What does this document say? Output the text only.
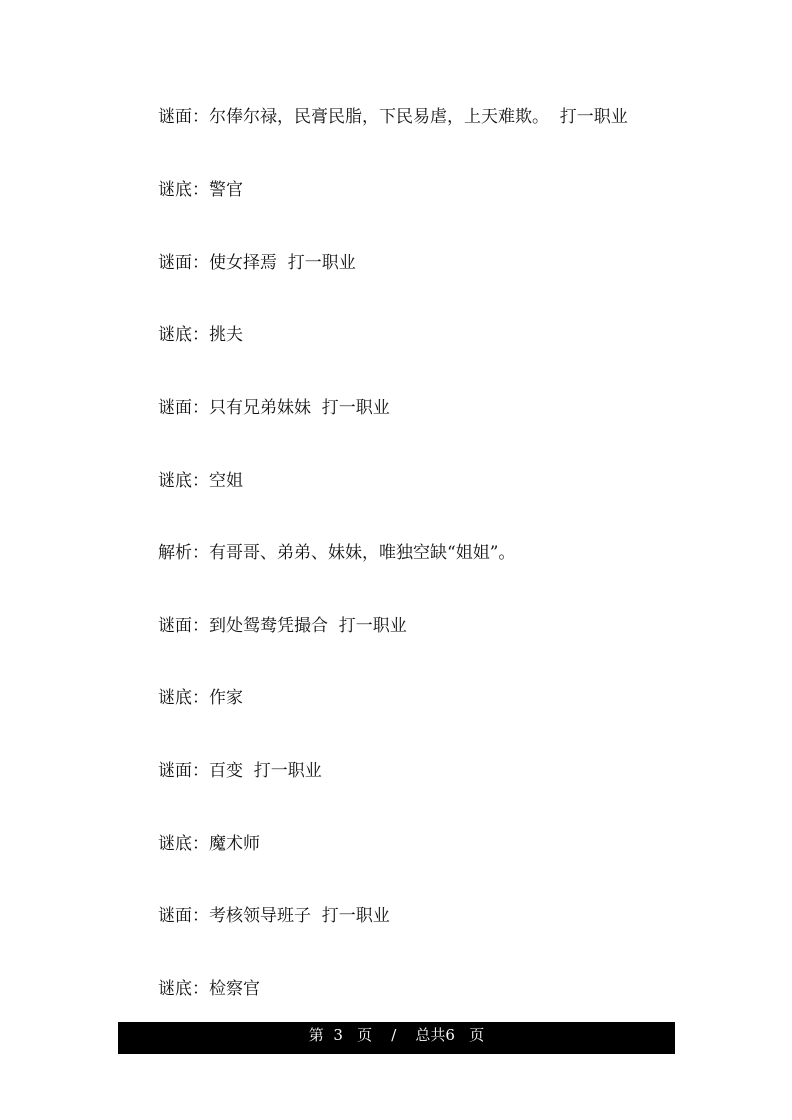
谜面：尔俸尔禄，民膏民脂，下民易虐，上天难欺。  打一职业
谜底：警官
谜面：使女择焉  打一职业
谜底：挑夫
谜面：只有兄弟妹妹  打一职业
谜底：空姐
解析：有哥哥、弟弟、妹妹，唯独空缺“姐姐”。
谜面：到处鸳鸯凭撮合  打一职业
谜底：作家
谜面：百变  打一职业
谜底：魔术师
谜面：考核领导班子  打一职业
谜底：检察官
第  3   页    /    总共6   页
